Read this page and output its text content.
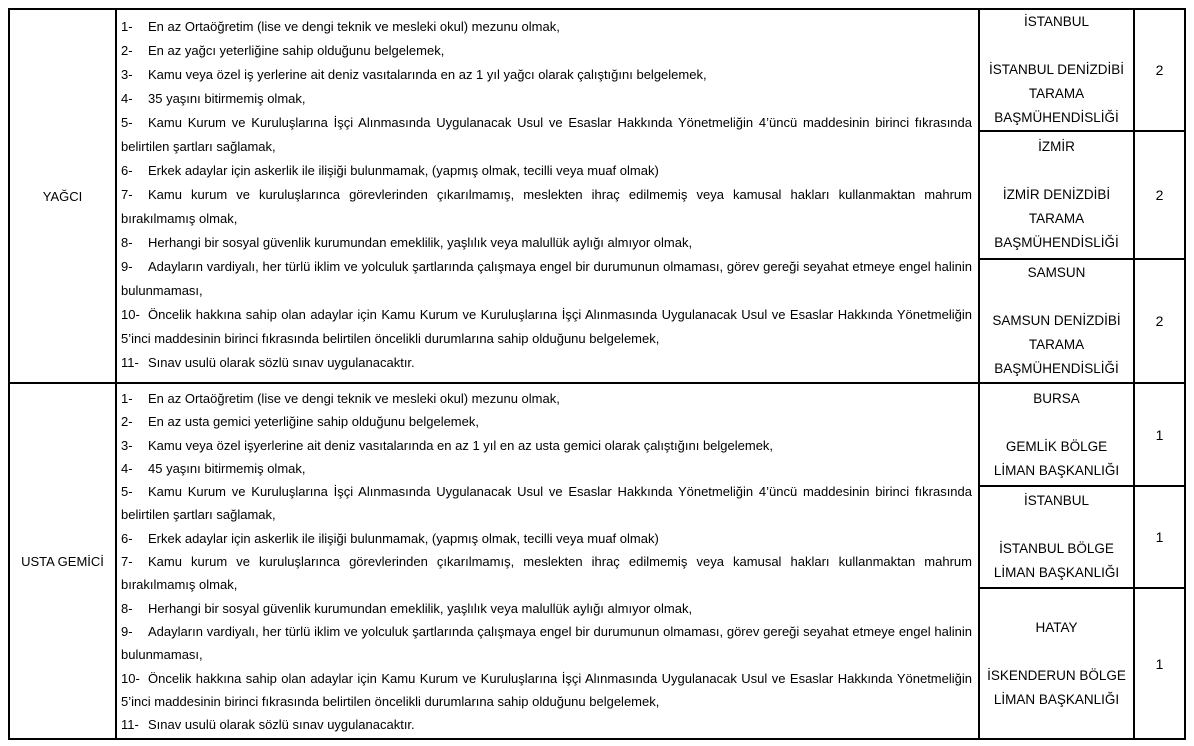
YAĞCI
1- En az Ortaöğretim (lise ve dengi teknik ve mesleki okul) mezunu olmak,
2- En az yağcı yeterliğine sahip olduğunu belgelemek,
3- Kamu veya özel iş yerlerine ait deniz vasıtalarında en az 1 yıl yağcı olarak çalıştığını belgelemek,
4- 35 yaşını bitirmemiş olmak,
5- Kamu Kurum ve Kuruluşlarına İşçi Alınmasında Uygulanacak Usul ve Esaslar Hakkında Yönetmeliğin 4’üncü maddesinin birinci fıkrasında belirtilen şartları sağlamak,
6- Erkek adaylar için askerlik ile ilişiği bulunmamak, (yapmış olmak, tecilli veya muaf olmak)
7- Kamu kurum ve kuruluşlarınca görevlerinden çıkarılmamış, meslekten ihraç edilmemiş veya kamusal hakları kullanmaktan mahrum bırakılmamış olmak,
8- Herhangi bir sosyal güvenlik kurumundan emeklilik, yaşlılık veya malullük aylığı almıyor olmak,
9- Adayların vardiyalı, her türlü iklim ve yolculuk şartlarında çalışmaya engel bir durumunun olmaması, görev gereği seyahat etmeye engel halinin bulunmaması,
10- Öncelik hakkına sahip olan adaylar için Kamu Kurum ve Kuruluşlarına İşçi Alınmasında Uygulanacak Usul ve Esaslar Hakkında Yönetmeliğin 5’inci maddesinin birinci fıkrasında belirtilen öncelikli durumlarına sahip olduğunu belgelemek,
11- Sınav usulü olarak sözlü sınav uygulanacaktır.
İSTANBUL
İSTANBUL DENİZDİBİ
TARAMA
BAŞMÜHENDİSLİĞİ
2
İZMİR
İZMİR DENİZDİBİ
TARAMA
BAŞMÜHENDİSLİĞİ
2
SAMSUN
SAMSUN DENİZDİBİ
TARAMA
BAŞMÜHENDİSLİĞİ
2
USTA GEMİCİ
1- En az Ortaöğretim (lise ve dengi teknik ve mesleki okul) mezunu olmak,
2- En az usta gemici yeterliğine sahip olduğunu belgelemek,
3- Kamu veya özel işyerlerine ait deniz vasıtalarında en az 1 yıl en az usta gemici olarak çalıştığını belgelemek,
4- 45 yaşını bitirmemiş olmak,
5- Kamu Kurum ve Kuruluşlarına İşçi Alınmasında Uygulanacak Usul ve Esaslar Hakkında Yönetmeliğin 4’üncü maddesinin birinci fıkrasında belirtilen şartları sağlamak,
6- Erkek adaylar için askerlik ile ilişiği bulunmamak, (yapmış olmak, tecilli veya muaf olmak)
7- Kamu kurum ve kuruluşlarınca görevlerinden çıkarılmamış, meslekten ihraç edilmemiş veya kamusal hakları kullanmaktan mahrum bırakılmamış olmak,
8- Herhangi bir sosyal güvenlik kurumundan emeklilik, yaşlılık veya malullük aylığı almıyor olmak,
9- Adayların vardiyalı, her türlü iklim ve yolculuk şartlarında çalışmaya engel bir durumunun olmaması, görev gereği seyahat etmeye engel halinin bulunmaması,
10- Öncelik hakkına sahip olan adaylar için Kamu Kurum ve Kuruluşlarına İşçi Alınmasında Uygulanacak Usul ve Esaslar Hakkında Yönetmeliğin 5’inci maddesinin birinci fıkrasında belirtilen öncelikli durumlarına sahip olduğunu belgelemek,
11- Sınav usulü olarak sözlü sınav uygulanacaktır.
BURSA
GEMLİK BÖLGE
LİMAN BAŞKANLIĞI
1
İSTANBUL
İSTANBUL BÖLGE
LİMAN BAŞKANLIĞI
1
HATAY
İSKENDERUN BÖLGE
LİMAN BAŞKANLIĞI
1
